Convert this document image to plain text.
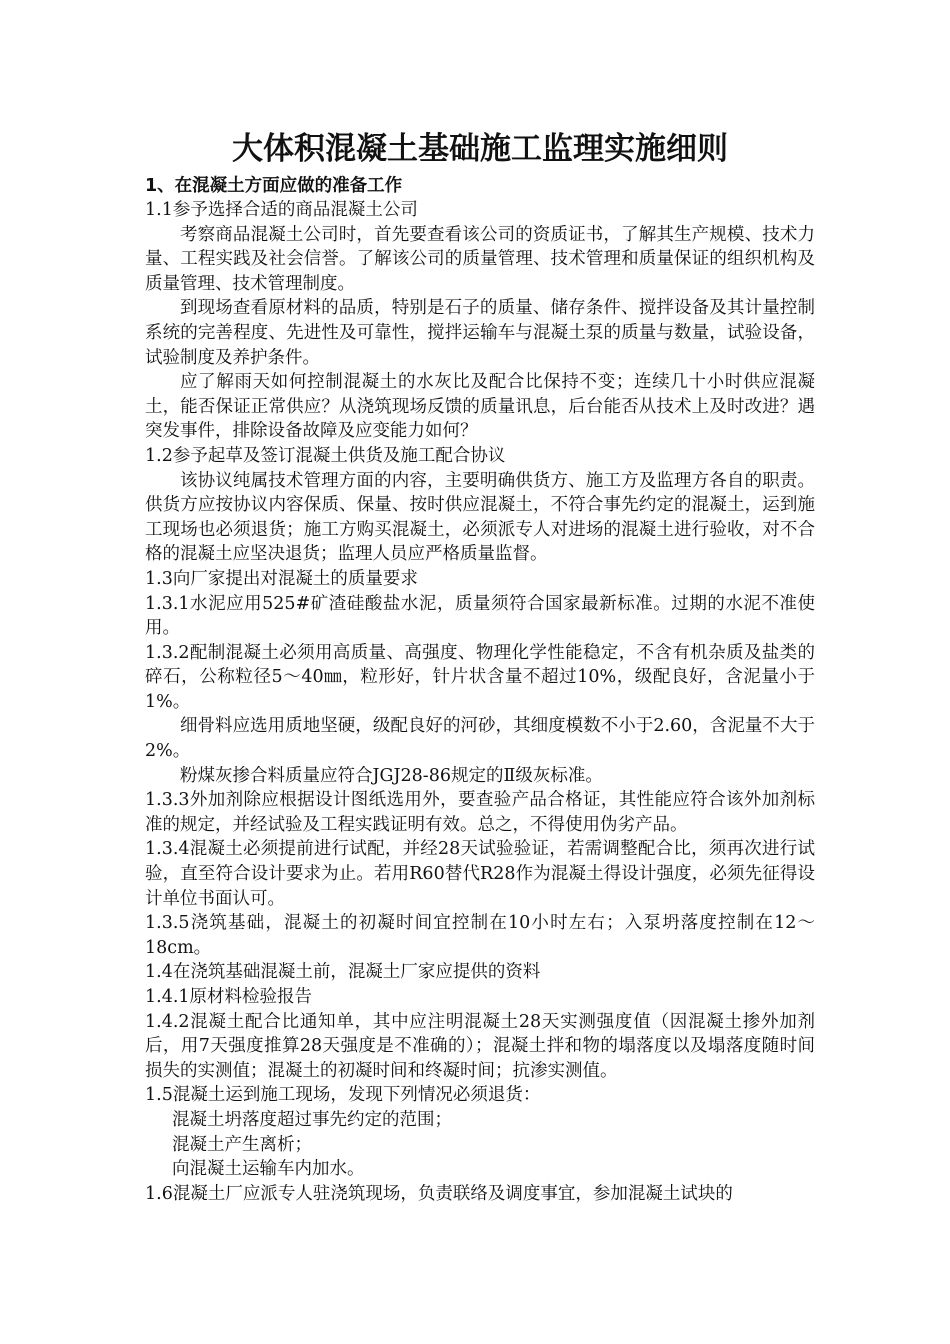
大体积混凝土基础施工监理实施细则
1、在混凝土方面应做的准备工作
1.1参予选择合适的商品混凝土公司

考察商品混凝土公司时，首先要查看该公司的资质证书，了解其生产规模、技术力量、工程实践及社会信誉。了解该公司的质量管理、技术管理和质量保证的组织机构及质量管理、技术管理制度。

到现场查看原材料的品质，特别是石子的质量、储存条件、搅拌设备及其计量控制系统的完善程度、先进性及可靠性，搅拌运输车与混凝土泵的质量与数量，试验设备，试验制度及养护条件。

应了解雨天如何控制混凝土的水灰比及配合比保持不变；连续几十小时供应混凝土，能否保证正常供应？从浇筑现场反馈的质量讯息，后台能否从技术上及时改进？遇突发事件，排除设备故障及应变能力如何？

1.2参予起草及签订混凝土供货及施工配合协议

该协议纯属技术管理方面的内容，主要明确供货方、施工方及监理方各自的职责。供货方应按协议内容保质、保量、按时供应混凝土，不符合事先约定的混凝土，运到施工现场也必须退货；施工方购买混凝土，必须派专人对进场的混凝土进行验收，对不合格的混凝土应坚决退货；监理人员应严格质量监督。

1.3向厂家提出对混凝土的质量要求

1.3.1水泥应用525#矿渣硅酸盐水泥，质量须符合国家最新标准。过期的水泥不准使用。

1.3.2配制混凝土必须用高质量、高强度、物理化学性能稳定，不含有机杂质及盐类的碎石，公称粒径5～40㎜，粒形好，针片状含量不超过10%，级配良好，含泥量小于1%。

细骨料应选用质地坚硬，级配良好的河砂，其细度模数不小于2.60，含泥量不大于2%。

粉煤灰掺合料质量应符合JGJ28-86规定的Ⅱ级灰标准。

1.3.3外加剂除应根据设计图纸选用外，要查验产品合格证，其性能应符合该外加剂标准的规定，并经试验及工程实践证明有效。总之，不得使用伪劣产品。

1.3.4混凝土必须提前进行试配，并经28天试验验证，若需调整配合比，须再次进行试验，直至符合设计要求为止。若用R60替代R28作为混凝土得设计强度，必须先征得设计单位书面认可。

1.3.5浇筑基础，混凝土的初凝时间宜控制在10小时左右；入泵坍落度控制在12～18cm。

1.4在浇筑基础混凝土前，混凝土厂家应提供的资料
1.4.1原材料检验报告

1.4.2混凝土配合比通知单，其中应注明混凝土28天实测强度值（因混凝土掺外加剂后，用7天强度推算28天强度是不准确的）；混凝土拌和物的塌落度以及塌落度随时间损失的实测值；混凝土的初凝时间和终凝时间；抗渗实测值。

1.5混凝土运到施工现场，发现下列情况必须退货：
混凝土坍落度超过事先约定的范围；
混凝土产生离析；
向混凝土运输车内加水。
1.6混凝土厂应派专人驻浇筑现场，负责联络及调度事宜，参加混凝土试块的
